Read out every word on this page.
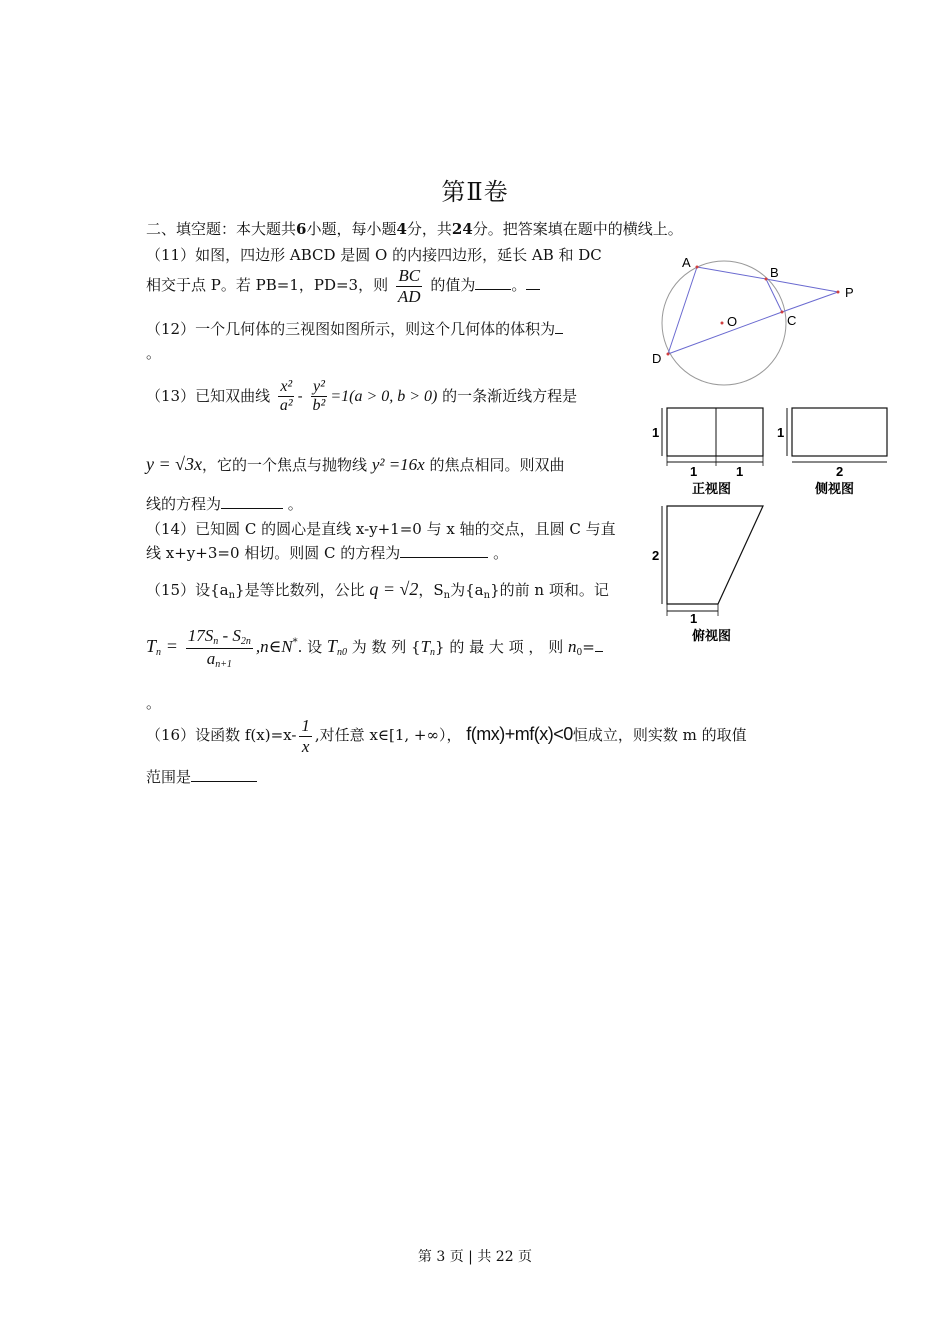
第Ⅱ卷
二、填空题：本大题共6小题，每小题4分，共24分。把答案填在题中的横线上。
（11）如图，四边形 ABCD 是圆 O 的内接四边形，延长 AB 和 DC
相交于点 P。若 PB=1，PD=3，则 $\frac{BC}{AD}$ 的值为 。
（12）一个几何体的三视图如图所示，则这个几何体的体积为
。
（13）已知双曲线 $\frac{\text{x²}}{\text{a²}} - \frac{\text{y²}}{\text{b²}} =1(a > 0$, b > 0) 的一条渐近线方程是
y = √3x，它的一个焦点与抛物线 y² =16x 的焦点相同。则双曲
线的方程为	。
（14）已知圆 C 的圆心是直线 x-y+1=0 与 x 轴的交点，且圆 C 与直
线 x+y+3=0 相切。则圆 C 的方程为	。
（15）设$\{a_n\}$是等比数列，公比 q = √2，$S_n$为$\{a_n\}$的前 n 项和。记
$T_n = \frac{17S_n - S_{2n}}{a_{n+1}}$ ,n∈N*. 设 $T_{n0}$ 为 数 列 $\{T_n\}$ 的 最 大 项 ， 则 $n_0=$
。
（16）设函数 $f(x)=x- \frac{1}{x}$ ,对任意 x∈[1, +∞）， f(mx)+mf(x)<0恒成立，则实数 m 的取值
范围是
A
B
P
O	C
D
1	1
1
正视图
1
2
侧视图
2
1
俯视图
第 3 页 | 共 22 页
